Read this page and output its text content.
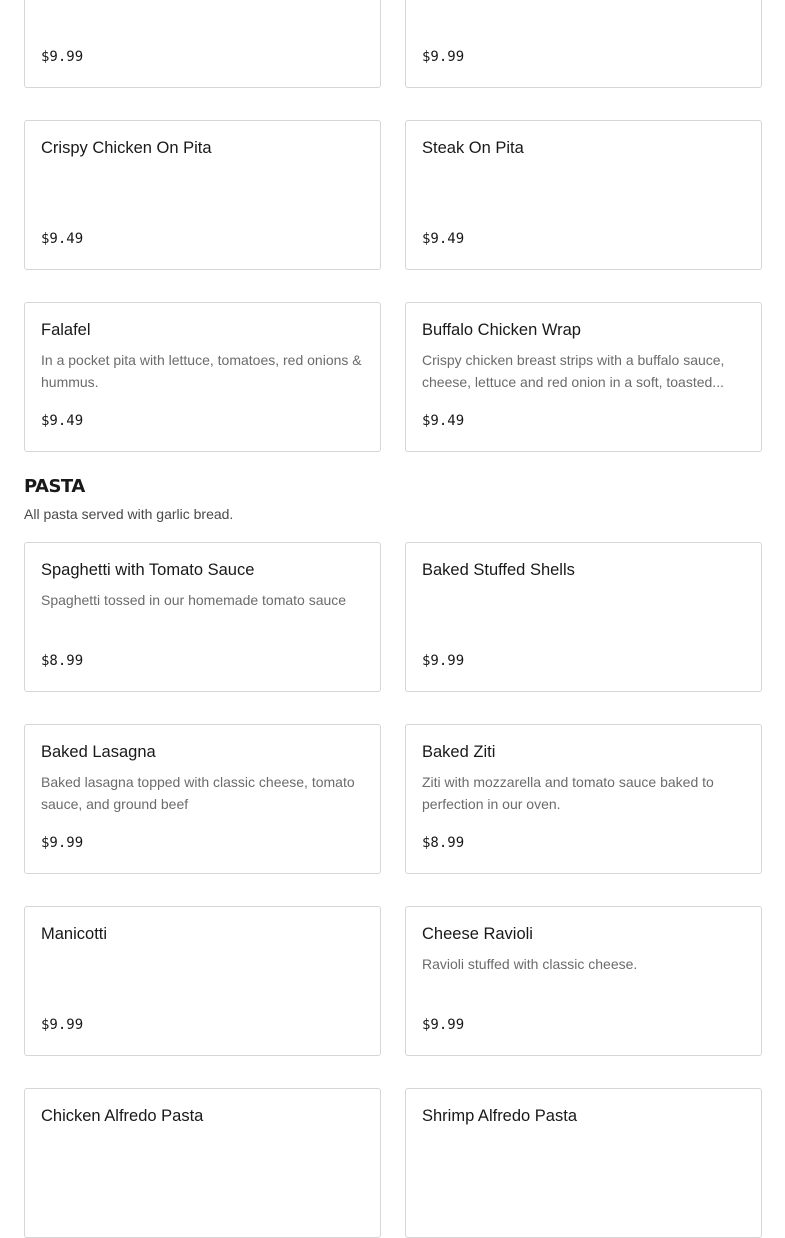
$9.99	$9.99
Crispy Chicken On Pita
$9.49
Steak On Pita
$9.49
Falafel
In a pocket pita with lettuce, tomatoes, red onions & hummus.
$9.49
Buffalo Chicken Wrap
Crispy chicken breast strips with a buffalo sauce, cheese, lettuce and red onion in a soft, toasted...
$9.49
PASTA
All pasta served with garlic bread.
Spaghetti with Tomato Sauce
Spaghetti tossed in our homemade tomato sauce
$8.99
Baked Stuffed Shells
$9.99
Baked Lasagna
Baked lasagna topped with classic cheese, tomato sauce, and ground beef
$9.99
Baked Ziti
Ziti with mozzarella and tomato sauce baked to perfection in our oven.
$8.99
Manicotti
$9.99
Cheese Ravioli
Ravioli stuffed with classic cheese.
$9.99
Chicken Alfredo Pasta	Shrimp Alfredo Pasta
